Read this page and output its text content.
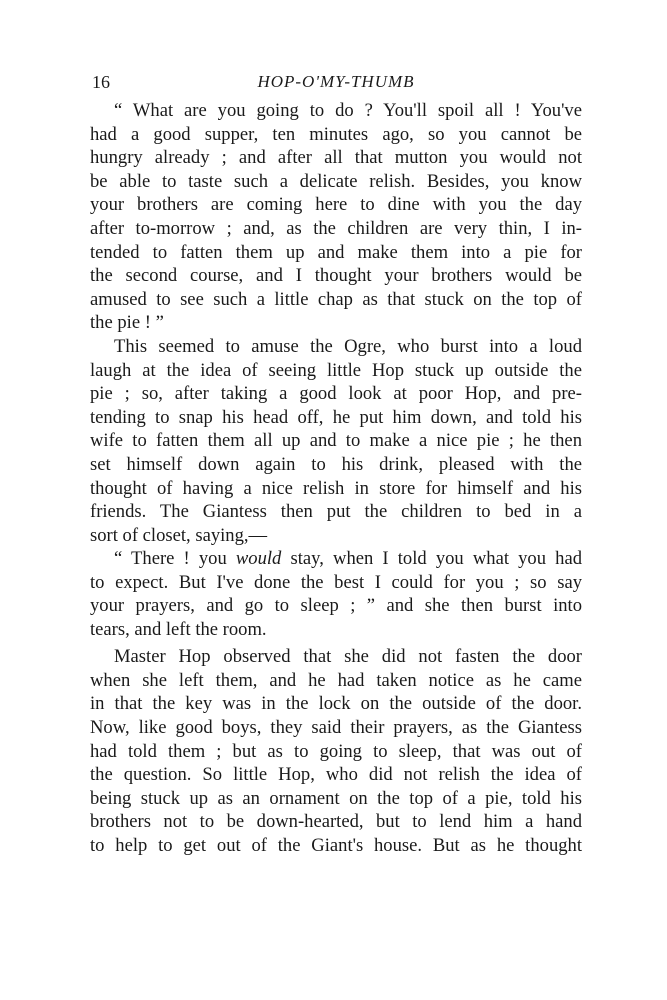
16	HOP-O'MY-THUMB
“ What are you going to do ? You'll spoil all ! You've
had a good supper, ten minutes ago, so you cannot be
hungry already ; and after all that mutton you would not
be able to taste such a delicate relish. Besides, you know
your brothers are coming here to dine with you the day
after to-morrow ; and, as the children are very thin, I in-
tended to fatten them up and make them into a pie for
the second course, and I thought your brothers would be
amused to see such a little chap as that stuck on the top of
the pie ! ”
This seemed to amuse the Ogre, who burst into a loud
laugh at the idea of seeing little Hop stuck up outside the
pie ; so, after taking a good look at poor Hop, and pre-
tending to snap his head off, he put him down, and told his
wife to fatten them all up and to make a nice pie ; he then
set himself down again to his drink, pleased with the
thought of having a nice relish in store for himself and his
friends. The Giantess then put the children to bed in a
sort of closet, saying,—
“ There ! you would stay, when I told you what you had
to expect. But I've done the best I could for you ; so say
your prayers, and go to sleep ; ” and she then burst into
tears, and left the room.
Master Hop observed that she did not fasten the door
when she left them, and he had taken notice as he came
in that the key was in the lock on the outside of the door.
Now, like good boys, they said their prayers, as the Giantess
had told them ; but as to going to sleep, that was out of
the question. So little Hop, who did not relish the idea of
being stuck up as an ornament on the top of a pie, told his
brothers not to be down-hearted, but to lend him a hand
to help to get out of the Giant's house. But as he thought
